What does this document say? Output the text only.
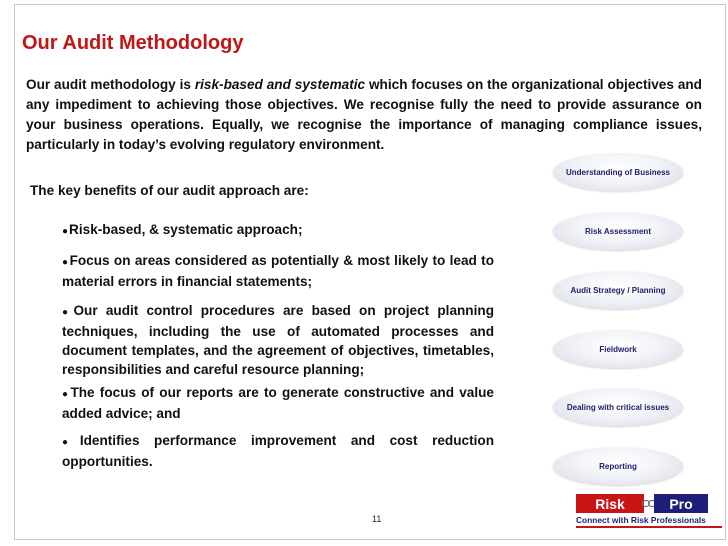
Our Audit Methodology
Our audit methodology is risk-based and systematic which focuses on the organizational objectives and any impediment to achieving those objectives. We recognise fully the need to provide assurance on your business operations. Equally, we recognise the importance of managing compliance issues, particularly in today’s evolving regulatory environment.
The key benefits of our audit approach are:
●Risk-based, & systematic approach;
●Focus on areas considered as potentially & most likely to lead to material errors in financial statements;
●Our audit control procedures are based on project planning techniques, including the use of automated processes and document templates, and the agreement of objectives, timetables, responsibilities and careful resource planning;
●The focus of our reports are to generate constructive and value added advice; and
●Identifies performance improvement and cost reduction opportunities.
Understanding of Business
Risk Assessment
Audit Strategy / Planning
Fieldwork
Dealing with critical issues
Reporting
11
Risk	Pro
Connect with Risk Professionals
